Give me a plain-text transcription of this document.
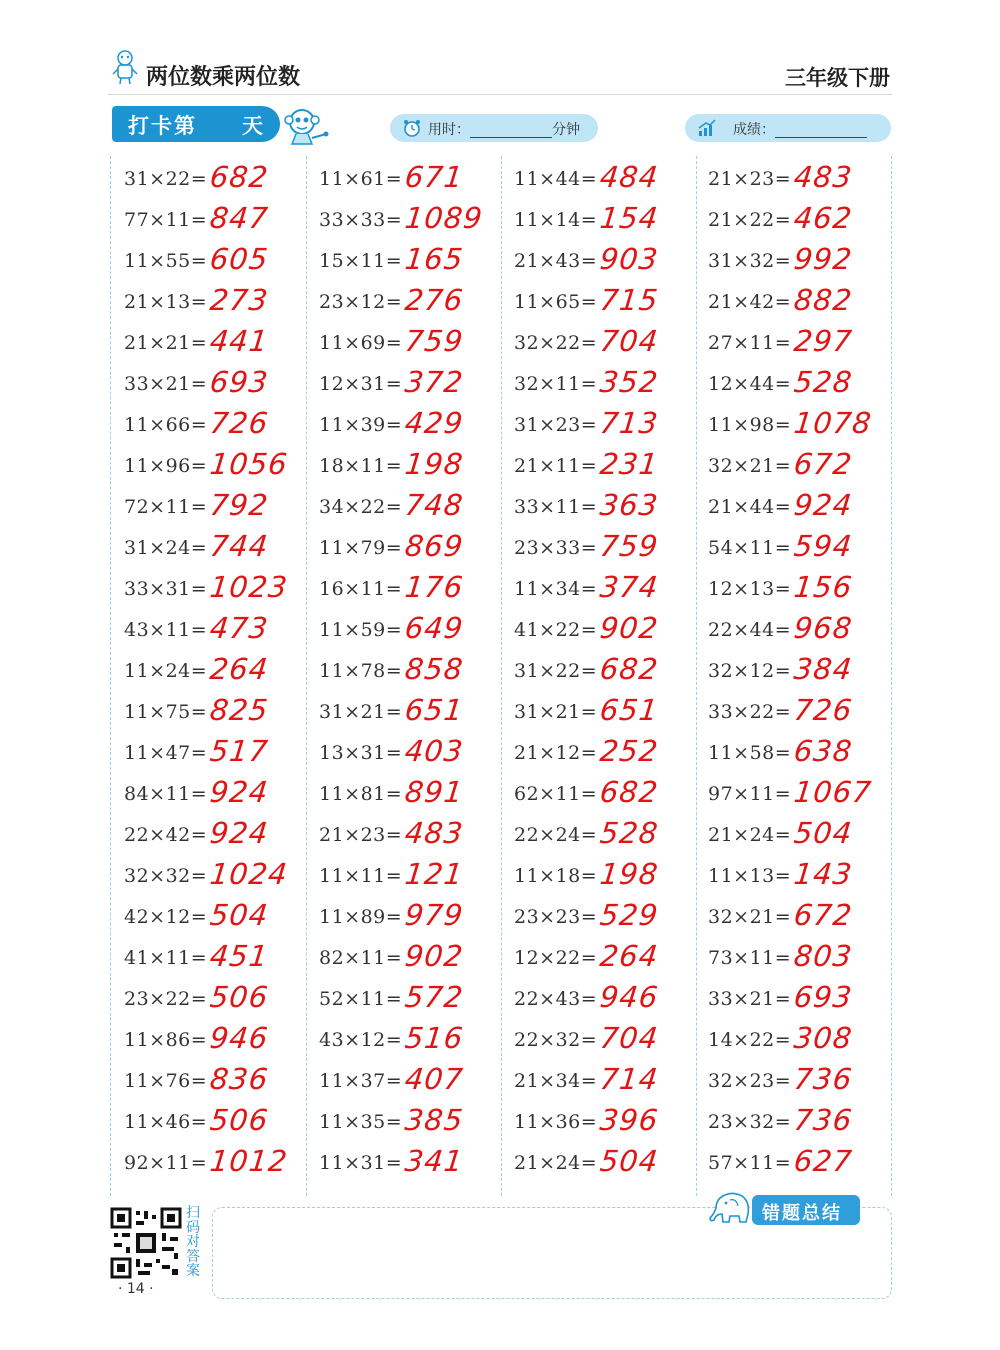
两位数乘两位数	三年级下册
打卡第 天	用时：	分钟	成绩：
31×22= 682
77×11= 847
11×55= 605
21×13= 273
21×21= 441
33×21= 693
11×66= 726
11×96= 1056
72×11= 792
31×24= 744
33×31= 1023
43×11= 473
11×24= 264
11×75= 825
11×47= 517
84×11= 924
22×42= 924
32×32= 1024
42×12= 504
41×11= 451
23×22= 506
11×86= 946
11×76= 836
11×46= 506
92×11= 1012
11×61= 671
33×33= 1089
15×11= 165
23×12= 276
11×69= 759
12×31= 372
11×39= 429
18×11= 198
34×22= 748
11×79= 869
16×11= 176
11×59= 649
11×78= 858
31×21= 651
13×31= 403
11×81= 891
21×23= 483
11×11= 121
11×89= 979
82×11= 902
52×11= 572
43×12= 516
11×37= 407
11×35= 385
11×31= 341
11×44= 484
11×14= 154
21×43= 903
11×65= 715
32×22= 704
32×11= 352
31×23= 713
21×11= 231
33×11= 363
23×33= 759
11×34= 374
41×22= 902
31×22= 682
31×21= 651
21×12= 252
62×11= 682
22×24= 528
11×18= 198
23×23= 529
12×22= 264
22×43= 946
22×32= 704
21×34= 714
11×36= 396
21×24= 504
21×23= 483
21×22= 462
31×32= 992
21×42= 882
27×11= 297
12×44= 528
11×98= 1078
32×21= 672
21×44= 924
54×11= 594
12×13= 156
22×44= 968
32×12= 384
33×22= 726
11×58= 638
97×11= 1067
21×24= 504
11×13= 143
32×21= 672
73×11= 803
33×21= 693
14×22= 308
32×23= 736
23×32= 736
57×11= 627
扫码对答案
· 14 ·
错题总结
